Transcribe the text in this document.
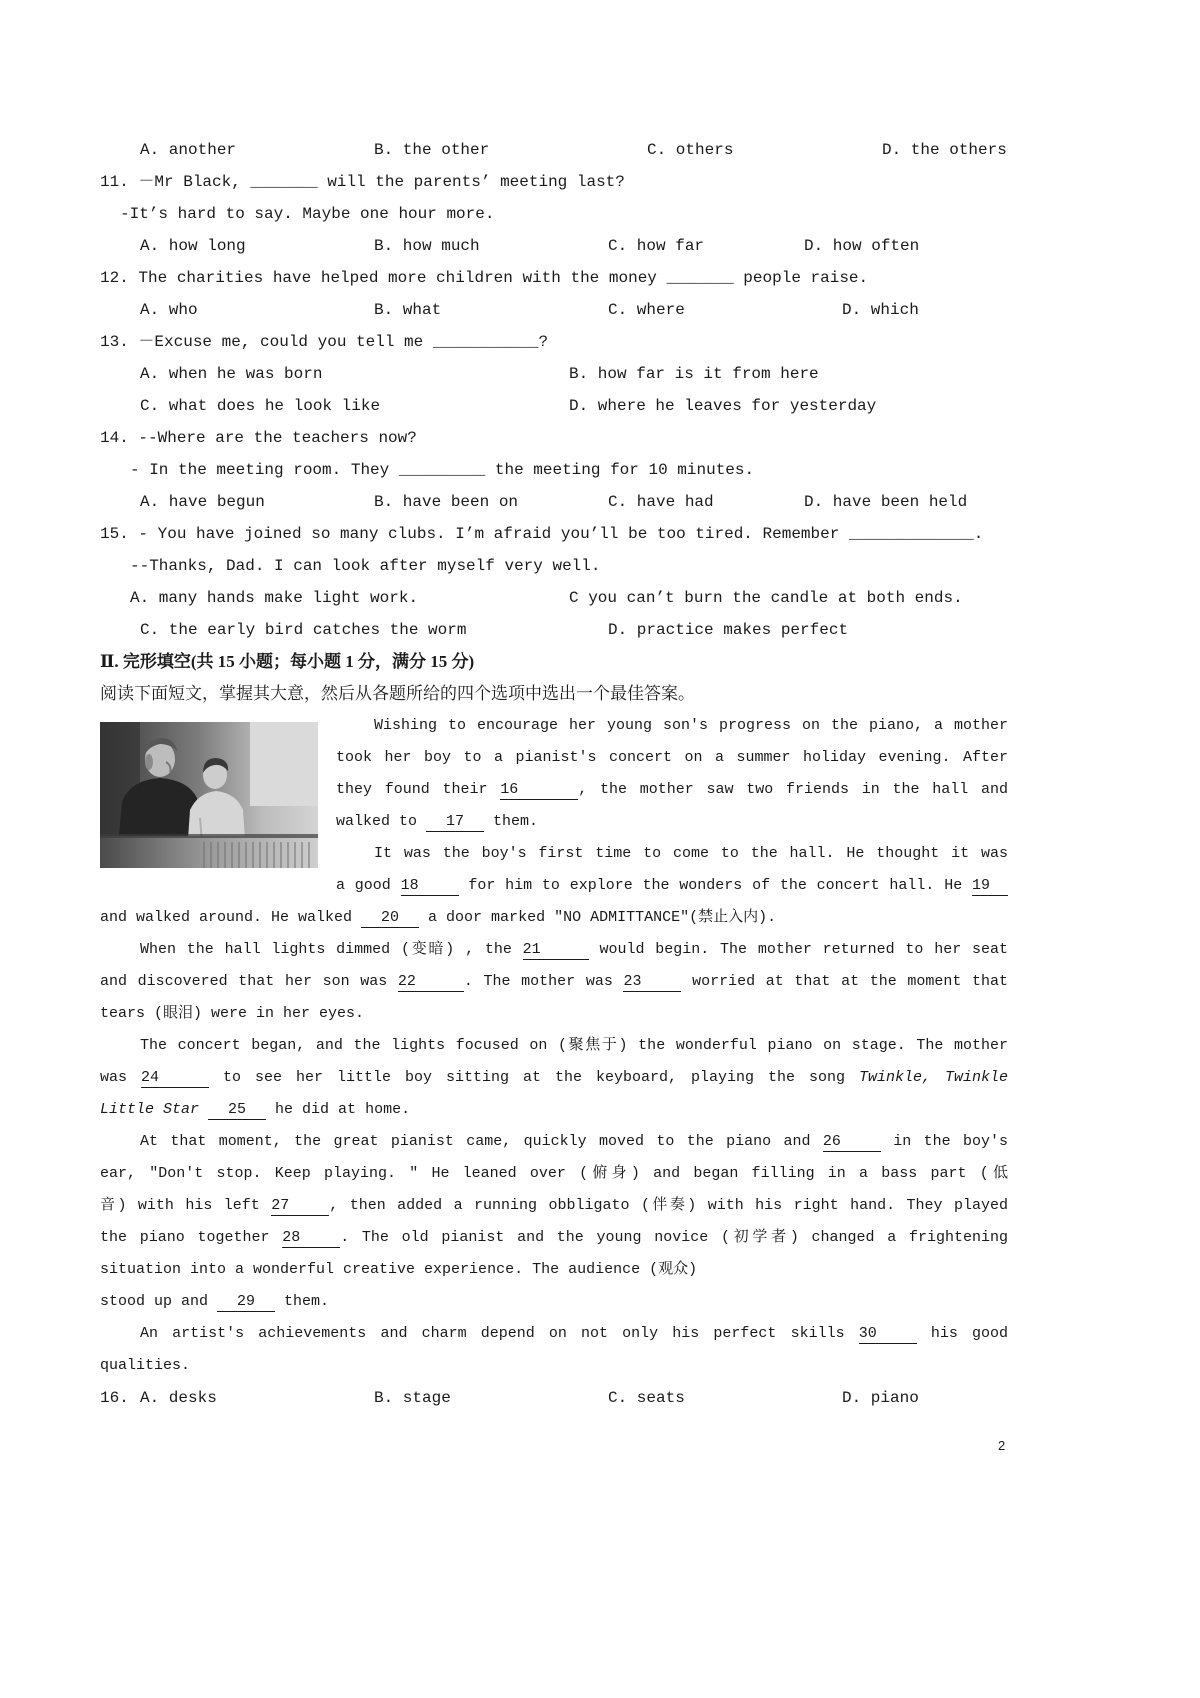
A. another	B. the other	C. others	D. the others
11. －Mr Black, _______ will the parents’ meeting last?
-It’s hard to say. Maybe one hour more.
A. how long	B. how much	C. how far	D. how often
12. The charities have helped more children with the money _______ people raise.
A. who	B. what	C. where	D. which
13. －Excuse me, could you tell me ___________?
A. when he was born	B. how far is it from here
C. what does he look like	D. where he leaves for yesterday
14. --Where are the teachers now?
- In the meeting room. They _________ the meeting for 10 minutes.
A. have begun	B. have been on	C. have had	D. have been held
15. - You have joined so many clubs. I’m afraid you’ll be too tired. Remember _____________.
--Thanks, Dad. I can look after myself very well.
A. many hands make light work.	C you can’t burn the candle at both ends.
C. the early bird catches the worm	D. practice makes perfect
Ⅱ. 完形填空(共 15 小题；每小题 1 分，满分 15 分)
阅读下面短文，掌握其大意，然后从各题所给的四个选项中选出一个最佳答案。
Wishing to encourage her young son's progress on the piano, a mother
took her boy to a pianist's concert on a summer holiday evening. After
they found their 16	, the mother saw two friends in the hall and
walked to 17 them.
It was the boy's first time to come to the hall. He thought it was
a good 18	for him to explore the wonders of the concert hall. He 19
and walked around. He walked 20 a door marked "NO ADMITTANCE"(禁止入内).
When the hall lights dimmed (变暗) , the 21	would begin. The mother returned to her seat
and discovered that her son was 22	. The mother was 23	worried at that at the moment that
tears (眼泪) were in her eyes.
The concert began, and the lights focused on (聚焦于) the wonderful piano on stage. The mother
was 24	to see her little boy sitting at the keyboard, playing the song Twinkle, Twinkle
Little Star 25 he did at home.
At that moment, the great pianist came, quickly moved to the piano and 26	in the boy's
ear, "Don't stop. Keep playing. " He leaned over (俯身) and began filling in a bass part (低
音) with his left 27	, then added a running obbligato (伴奏) with his right hand. They played
the piano together 28	. The old pianist and the young novice (初学者) changed a frightening
situation into a wonderful creative experience. The audience (观众)
stood up and 29 them.
An artist's achievements and charm depend on not only his perfect skills 30	his good
qualities.
16. A. desks	B. stage	C. seats	D. piano
2
